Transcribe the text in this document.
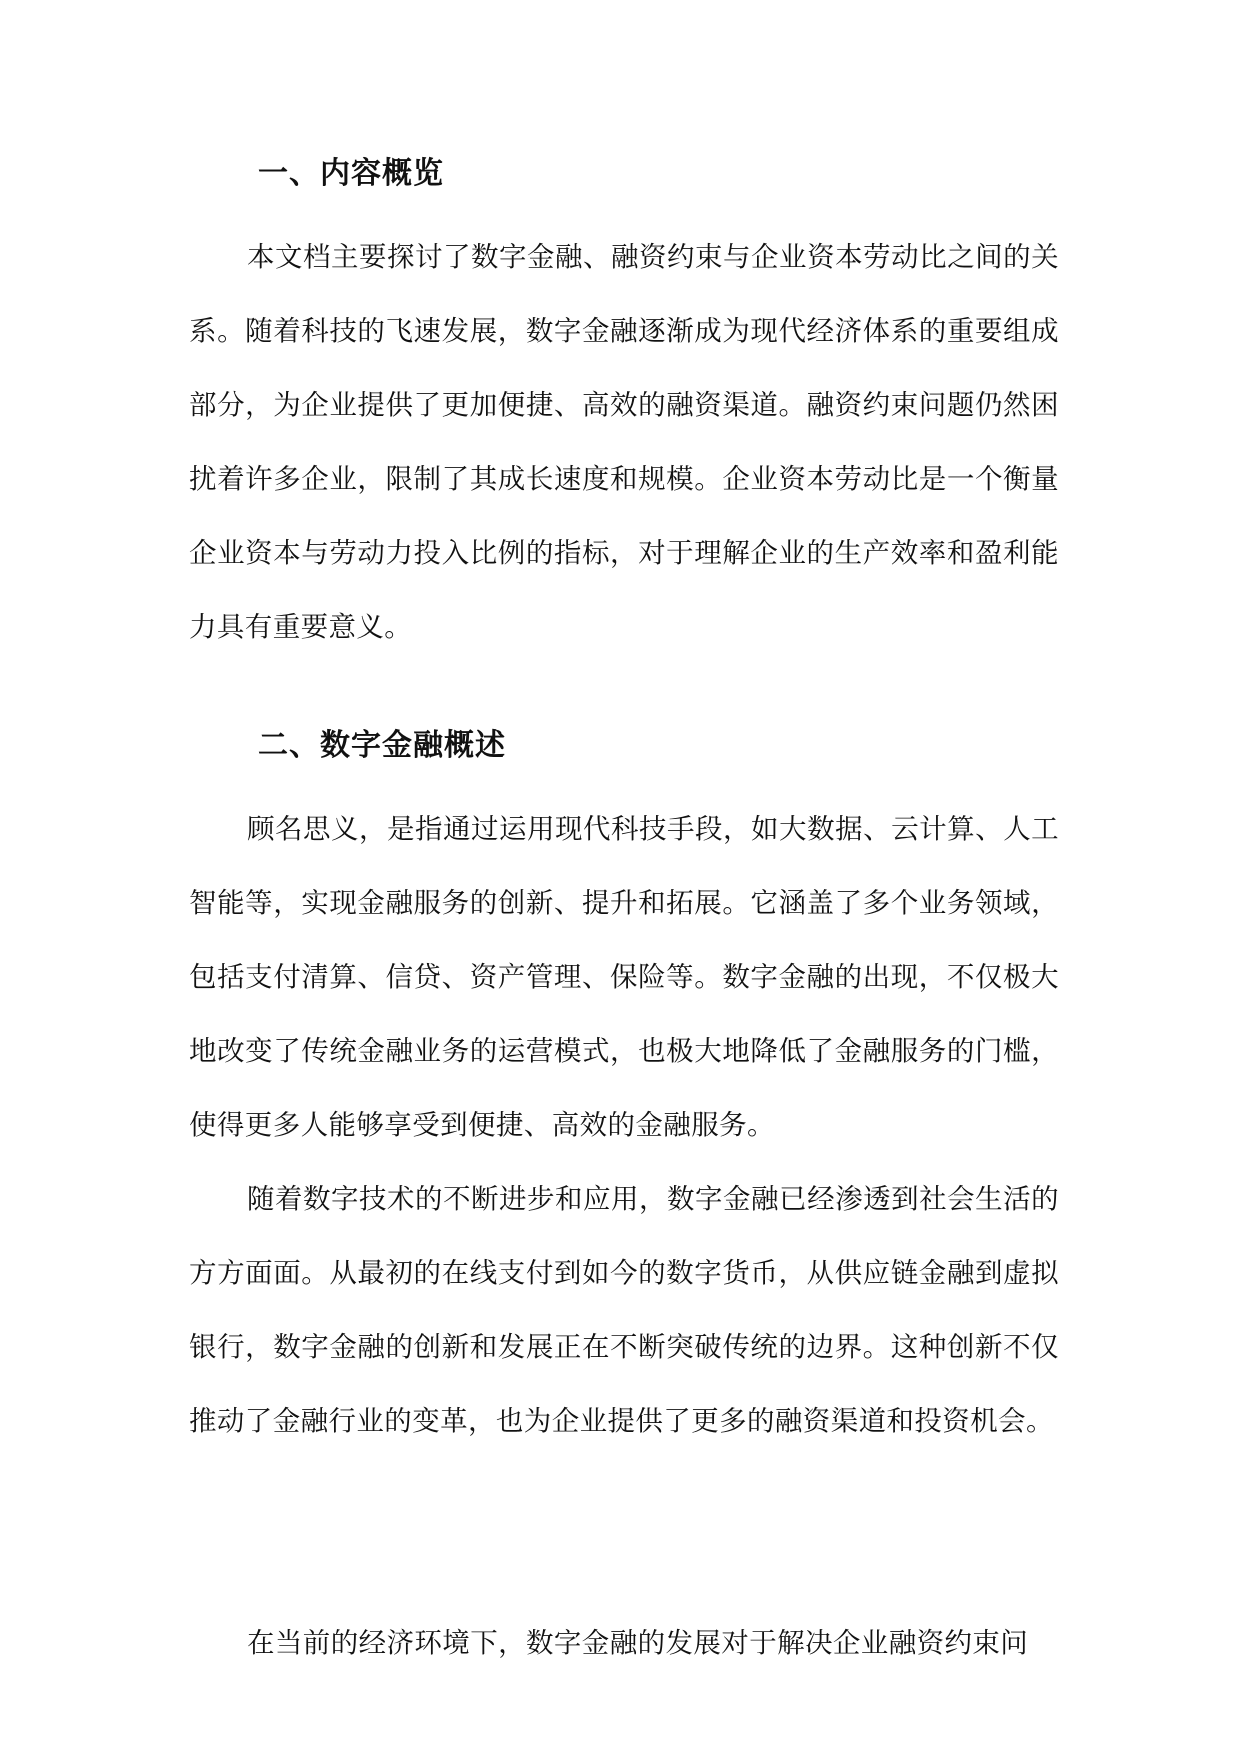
一、内容概览

本文档主要探讨了数字金融、融资约束与企业资本劳动比之间的关系。随着科技的飞速发展，数字金融逐渐成为现代经济体系的重要组成部分，为企业提供了更加便捷、高效的融资渠道。融资约束问题仍然困扰着许多企业，限制了其成长速度和规模。企业资本劳动比是一个衡量企业资本与劳动力投入比例的指标，对于理解企业的生产效率和盈利能力具有重要意义。

二、数字金融概述

顾名思义，是指通过运用现代科技手段，如大数据、云计算、人工智能等，实现金融服务的创新、提升和拓展。它涵盖了多个业务领域，包括支付清算、信贷、资产管理、保险等。数字金融的出现，不仅极大地改变了传统金融业务的运营模式，也极大地降低了金融服务的门槛，使得更多人能够享受到便捷、高效的金融服务。

随着数字技术的不断进步和应用，数字金融已经渗透到社会生活的方方面面。从最初的在线支付到如今的数字货币，从供应链金融到虚拟银行，数字金融的创新和发展正在不断突破传统的边界。这种创新不仅推动了金融行业的变革，也为企业提供了更多的融资渠道和投资机会。

在当前的经济环境下，数字金融的发展对于解决企业融资约束问
